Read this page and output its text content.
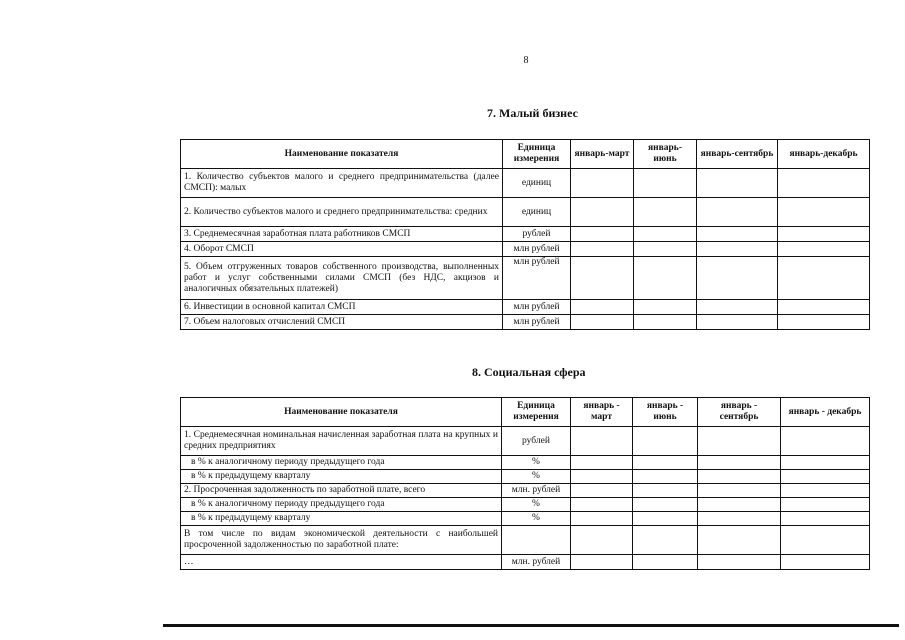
8
7. Малый бизнес
Наименование показателя	Единица измерения	январь-март	январь-июнь	январь-сентябрь	январь-декабрь
1. Количество субъектов малого и среднего предпринимательства (далее СМСП): малых	единиц				
2. Количество субъектов малого и среднего предпринимательства: средних	единиц				
3. Среднемесячная заработная плата работников СМСП	рублей				
4. Оборот СМСП	млн рублей				
5. Объем отгруженных товаров собственного производства, выполненных работ и услуг собственными силами СМСП (без НДС, акцизов и аналогичных обязательных платежей)	млн рублей				
6. Инвестиции в основной капитал СМСП	млн рублей				
7. Объем налоговых отчислений СМСП	млн рублей				
8. Социальная сфера
Наименование показателя	Единица измерения	январь - март	январь - июнь	январь - сентябрь	январь - декабрь
1. Среднемесячная номинальная начисленная заработная плата на крупных и средних предприятиях	рублей				
в % к аналогичному периоду предыдущего года	%				
в % к предыдущему кварталу	%				
2. Просроченная задолженность по заработной плате, всего	млн. рублей				
в % к аналогичному периоду предыдущего года	%				
в % к предыдущему кварталу	%				
В том числе по видам экономической деятельности с наибольшей просроченной задолженностью по заработной плате:					
…	млн. рублей				
